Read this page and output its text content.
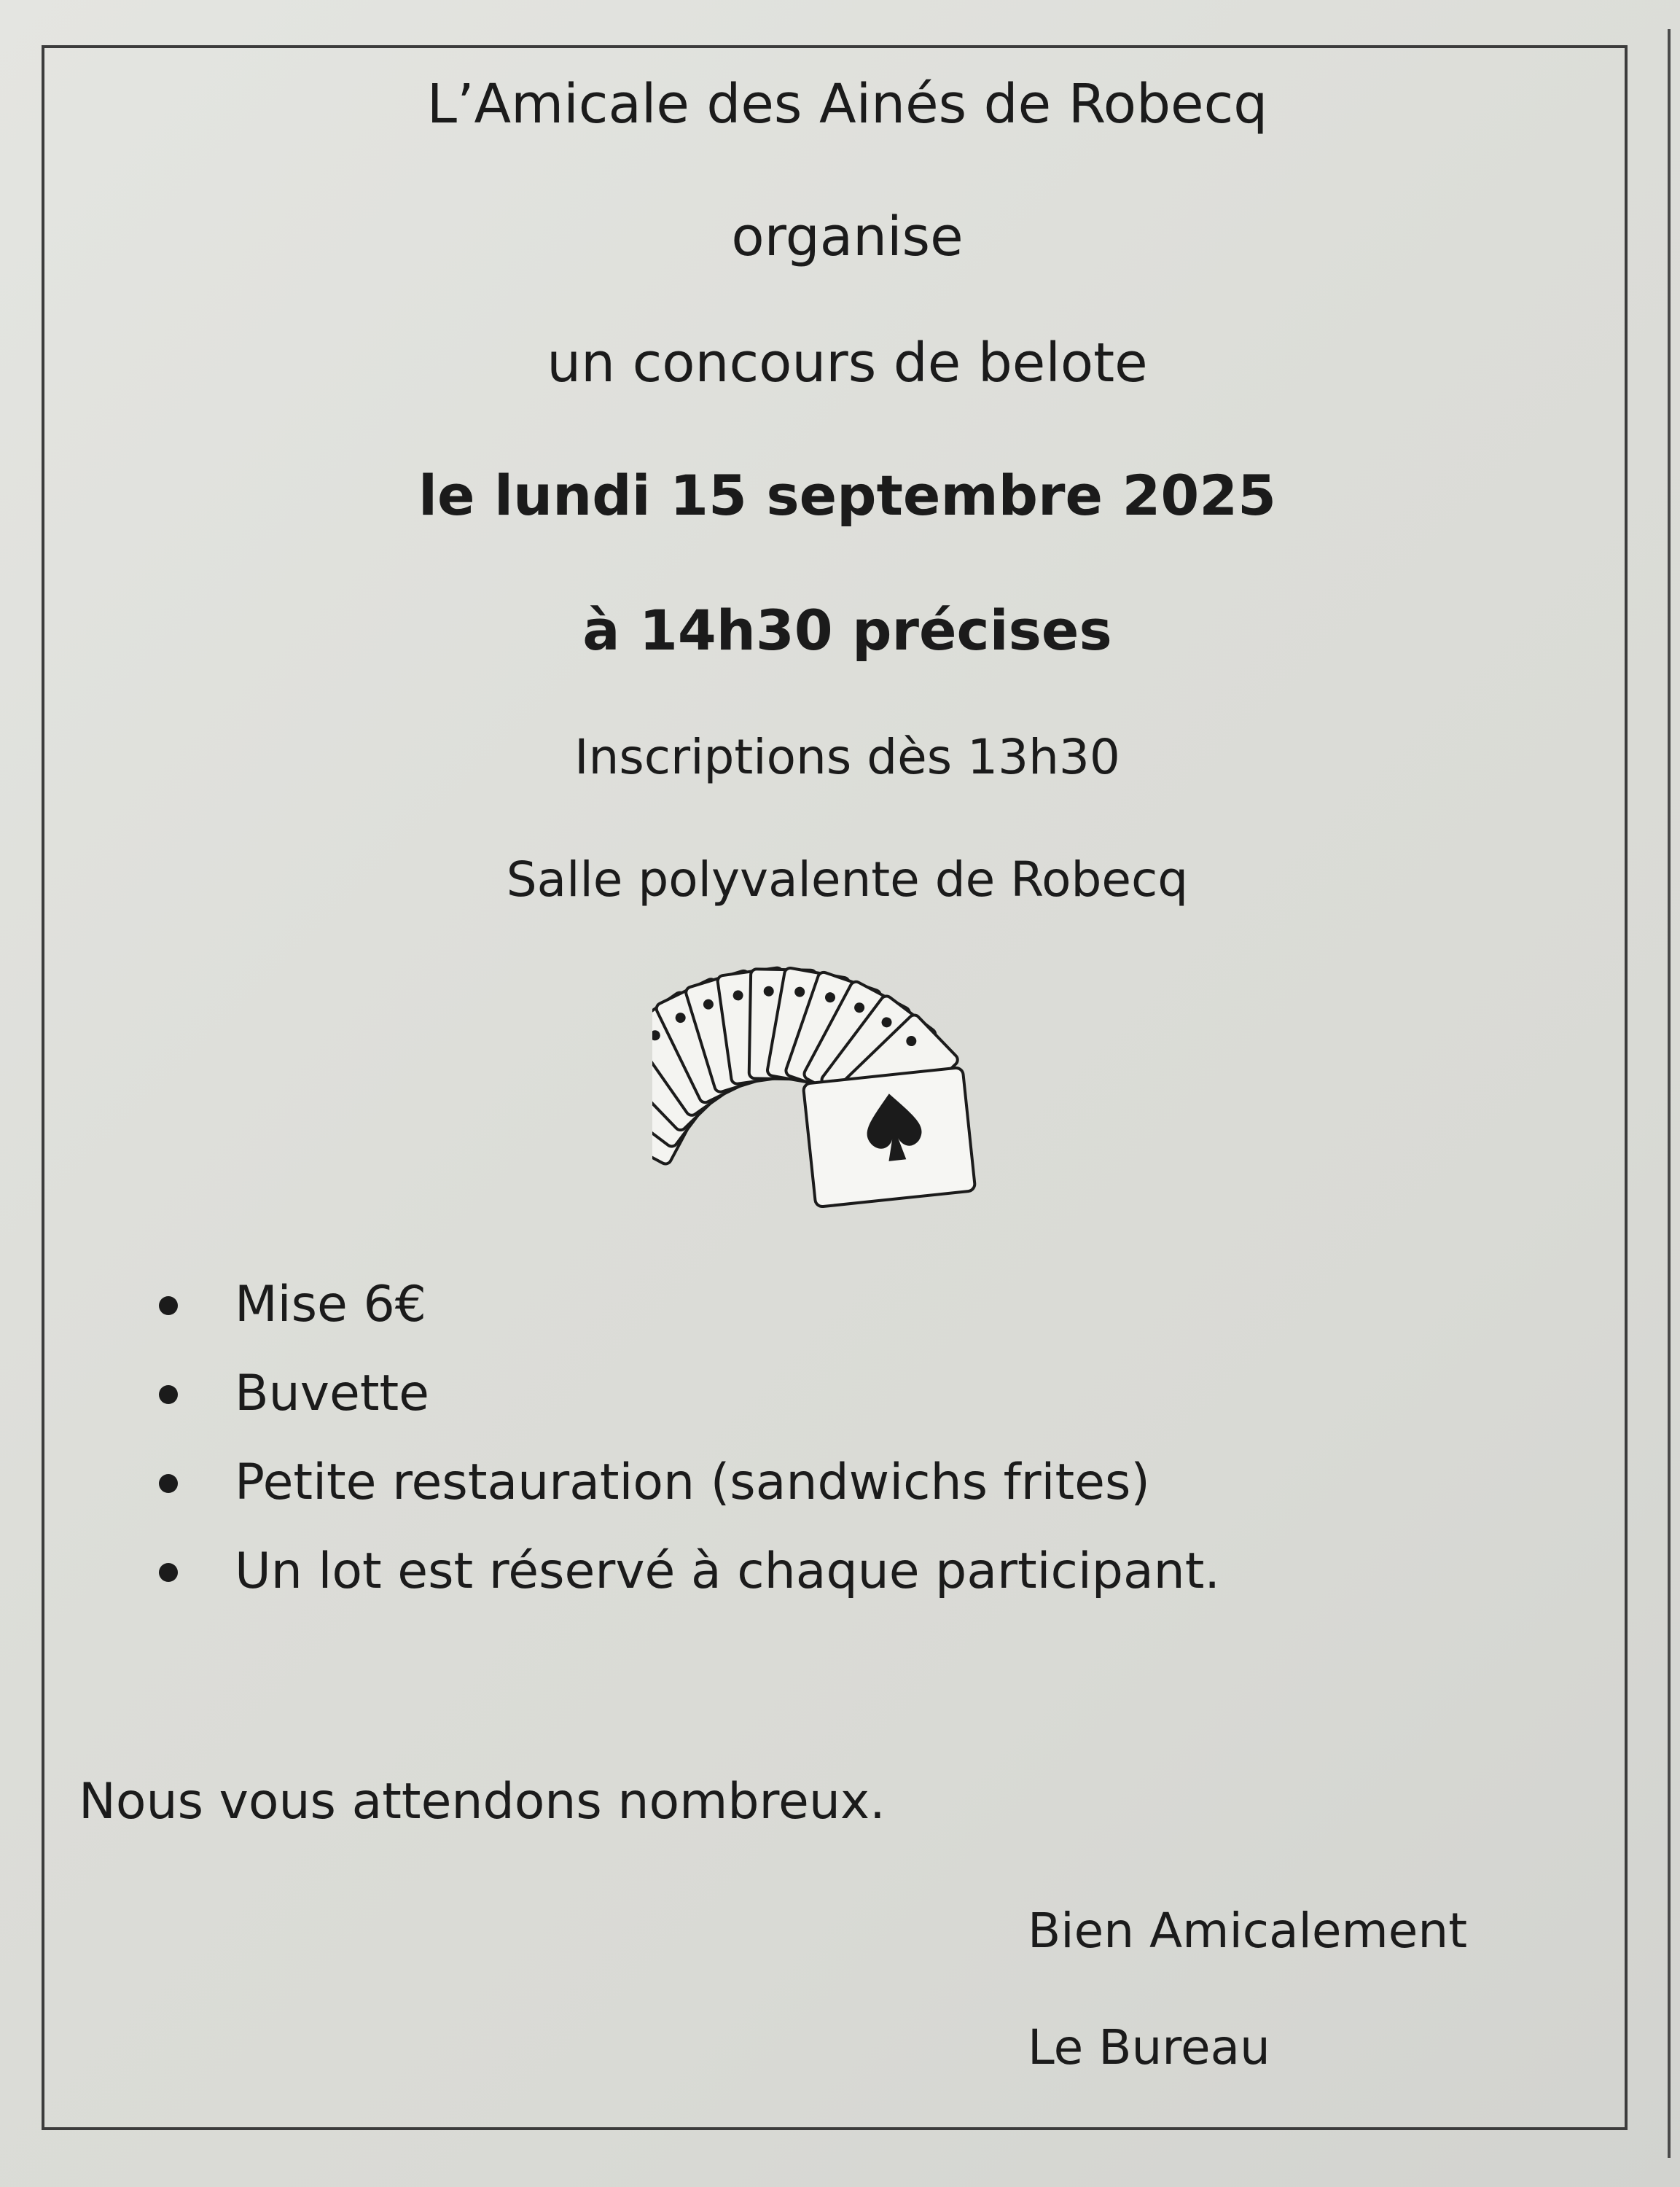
L’Amicale des Ainés de Robecq
organise
un concours de belote
le lundi 15 septembre 2025
à 14h30 précises
Inscriptions dès 13h30
Salle polyvalente de Robecq
Mise 6€
Buvette
Petite restauration (sandwichs frites)
Un lot est réservé à chaque participant.
Nous vous attendons nombreux.
Bien Amicalement
Le Bureau
